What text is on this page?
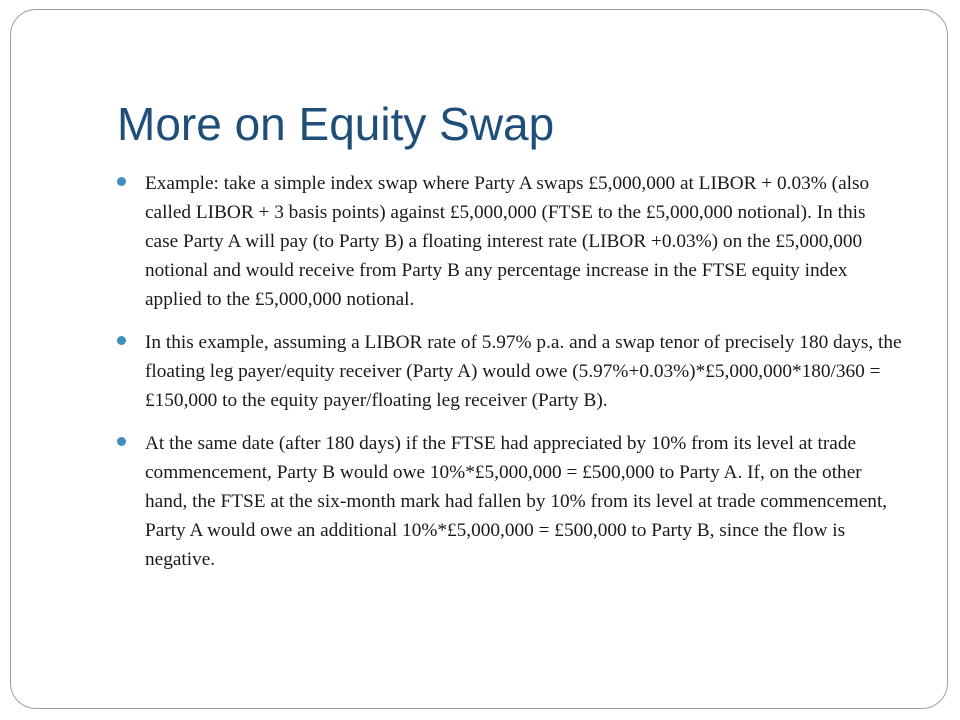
More on Equity Swap
Example: take a simple index swap where Party A swaps £5,000,000 at LIBOR + 0.03% (also called LIBOR + 3 basis points) against £5,000,000 (FTSE to the £5,000,000 notional). In this case Party A will pay (to Party B) a floating interest rate (LIBOR +0.03%) on the £5,000,000 notional and would receive from Party B any percentage increase in the FTSE equity index applied to the £5,000,000 notional.
In this example, assuming a LIBOR rate of 5.97% p.a. and a swap tenor of precisely 180 days, the floating leg payer/equity receiver (Party A) would owe (5.97%+0.03%)*£5,000,000*180/360 = £150,000 to the equity payer/floating leg receiver (Party B).
At the same date (after 180 days) if the FTSE had appreciated by 10% from its level at trade commencement, Party B would owe 10%*£5,000,000 = £500,000 to Party A. If, on the other hand, the FTSE at the six-month mark had fallen by 10% from its level at trade commencement, Party A would owe an additional 10%*£5,000,000 = £500,000 to Party B, since the flow is negative.
